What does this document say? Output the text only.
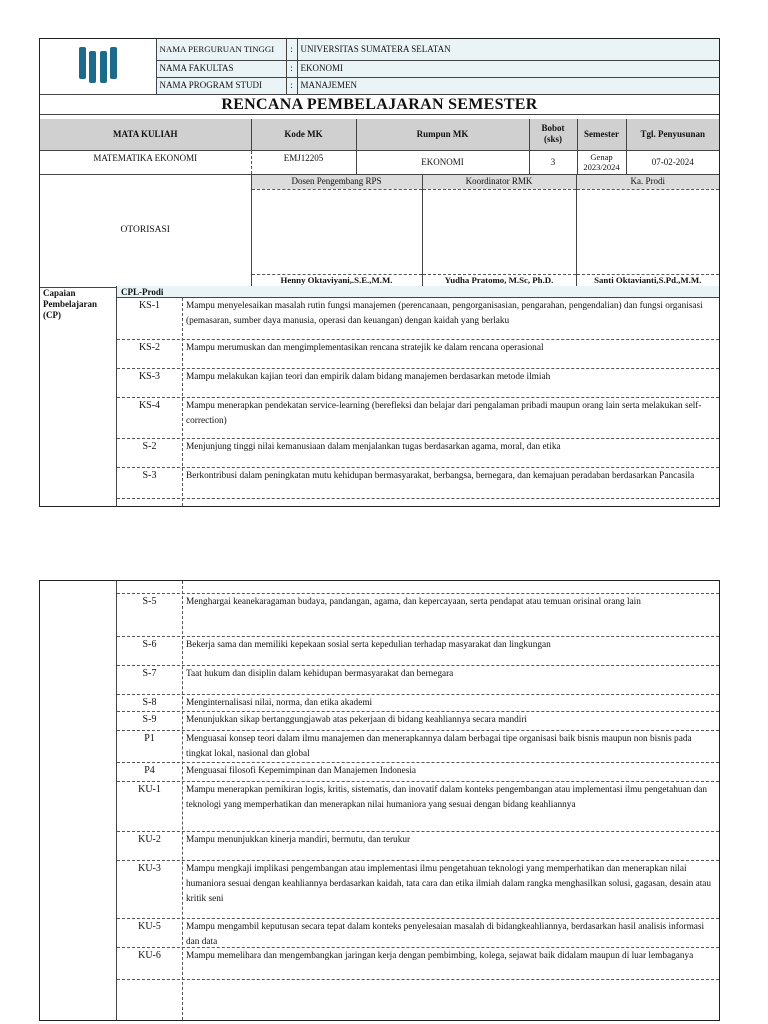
	NAMA PERGURUAN TINGGI	:	UNIVERSITAS SUMATERA SELATAN
	NAMA FAKULTAS	:	EKONOMI
	NAMA PROGRAM STUDI	:	MANAJEMEN
RENCANA PEMBELAJARAN SEMESTER			
MATA KULIAH	Kode MK	Rumpun MK	Bobot (sks)	Semester	Tgl. Penyusunan
MATEMATIKA EKONOMI	EMJ12205	EKONOMI	3	Genap 2023/2024	07-02-2024
OTORISASI	Dosen Pengembang RPS	Koordinator RMK	Ka. Prodi

	Henny Oktaviyani,.S.E.,M.M.	Yudha Pratomo, M.Sc, Ph.D.	Santi Oktavianti,S.Pd.,M.M.
Capaian Pembelajaran (CP)
CPL-Prodi
KS-1	Mampu menyelesaikan masalah rutin fungsi manajemen (perencanaan, pengorganisasian, pengarahan, pengendalian) dan fungsi organisasi (pemasaran, sumber daya manusia, operasi dan keuangan) dengan kaidah yang berlaku
KS-2	Mampu merumuskan dan mengimplementasikan rencana stratejik ke dalam rencana operasional
KS-3	Mampu melakukan kajian teori dan empirik dalam bidang manajemen berdasarkan metode ilmiah
KS-4	Mampu menerapkan pendekatan service-learning (berefleksi dan belajar dari pengalaman pribadi maupun orang lain serta melakukan self-correction)
S-2	Menjunjung tinggi nilai kemanusiaan dalam menjalankan tugas berdasarkan agama, moral, dan etika
S-3	Berkontribusi dalam peningkatan mutu kehidupan bermasyarakat, berbangsa, bernegara, dan kemajuan peradaban berdasarkan Pancasila
S-5	Menghargai keanekaragaman budaya, pandangan, agama, dan kepercayaan, serta pendapat atau temuan orisinal orang lain
S-6	Bekerja sama dan memiliki kepekaan sosial serta kepedulian terhadap masyarakat dan lingkungan
S-7	Taat hukum dan disiplin dalam kehidupan bermasyarakat dan bernegara
S-8	Menginternalisasi nilai, norma, dan etika akademi
S-9	Menunjukkan sikap bertanggungjawab atas pekerjaan di bidang keahliannya secara mandiri
P1	Menguasai konsep teori dalam ilmu manajemen dan menerapkannya dalam berbagai tipe organisasi baik bisnis maupun non bisnis pada tingkat lokal, nasional dan global
P4	Menguasai filosofi Kepemimpinan dan Manajemen Indonesia
KU-1	Mampu menerapkan pemikiran logis, kritis, sistematis, dan inovatif dalam konteks pengembangan atau implementasi ilmu pengetahuan dan teknologi yang memperhatikan dan menerapkan nilai humaniora yang sesuai dengan bidang keahliannya
KU-2	Mampu menunjukkan kinerja mandiri, bermutu, dan terukur
KU-3	Mampu mengkaji implikasi pengembangan atau implementasi ilmu pengetahuan teknologi yang memperhatikan dan menerapkan nilai humaniora sesuai dengan keahliannya berdasarkan kaidah, tata cara dan etika ilmiah dalam rangka menghasilkan solusi, gagasan, desain atau kritik seni
KU-5	Mampu mengambil keputusan secara tepat dalam konteks penyelesaian masalah di bidangkeahliannya, berdasarkan hasil analisis informasi dan data
KU-6	Mampu memelihara dan mengembangkan jaringan kerja dengan pembimbing, kolega, sejawat baik didalam maupun di luar lembaganya
